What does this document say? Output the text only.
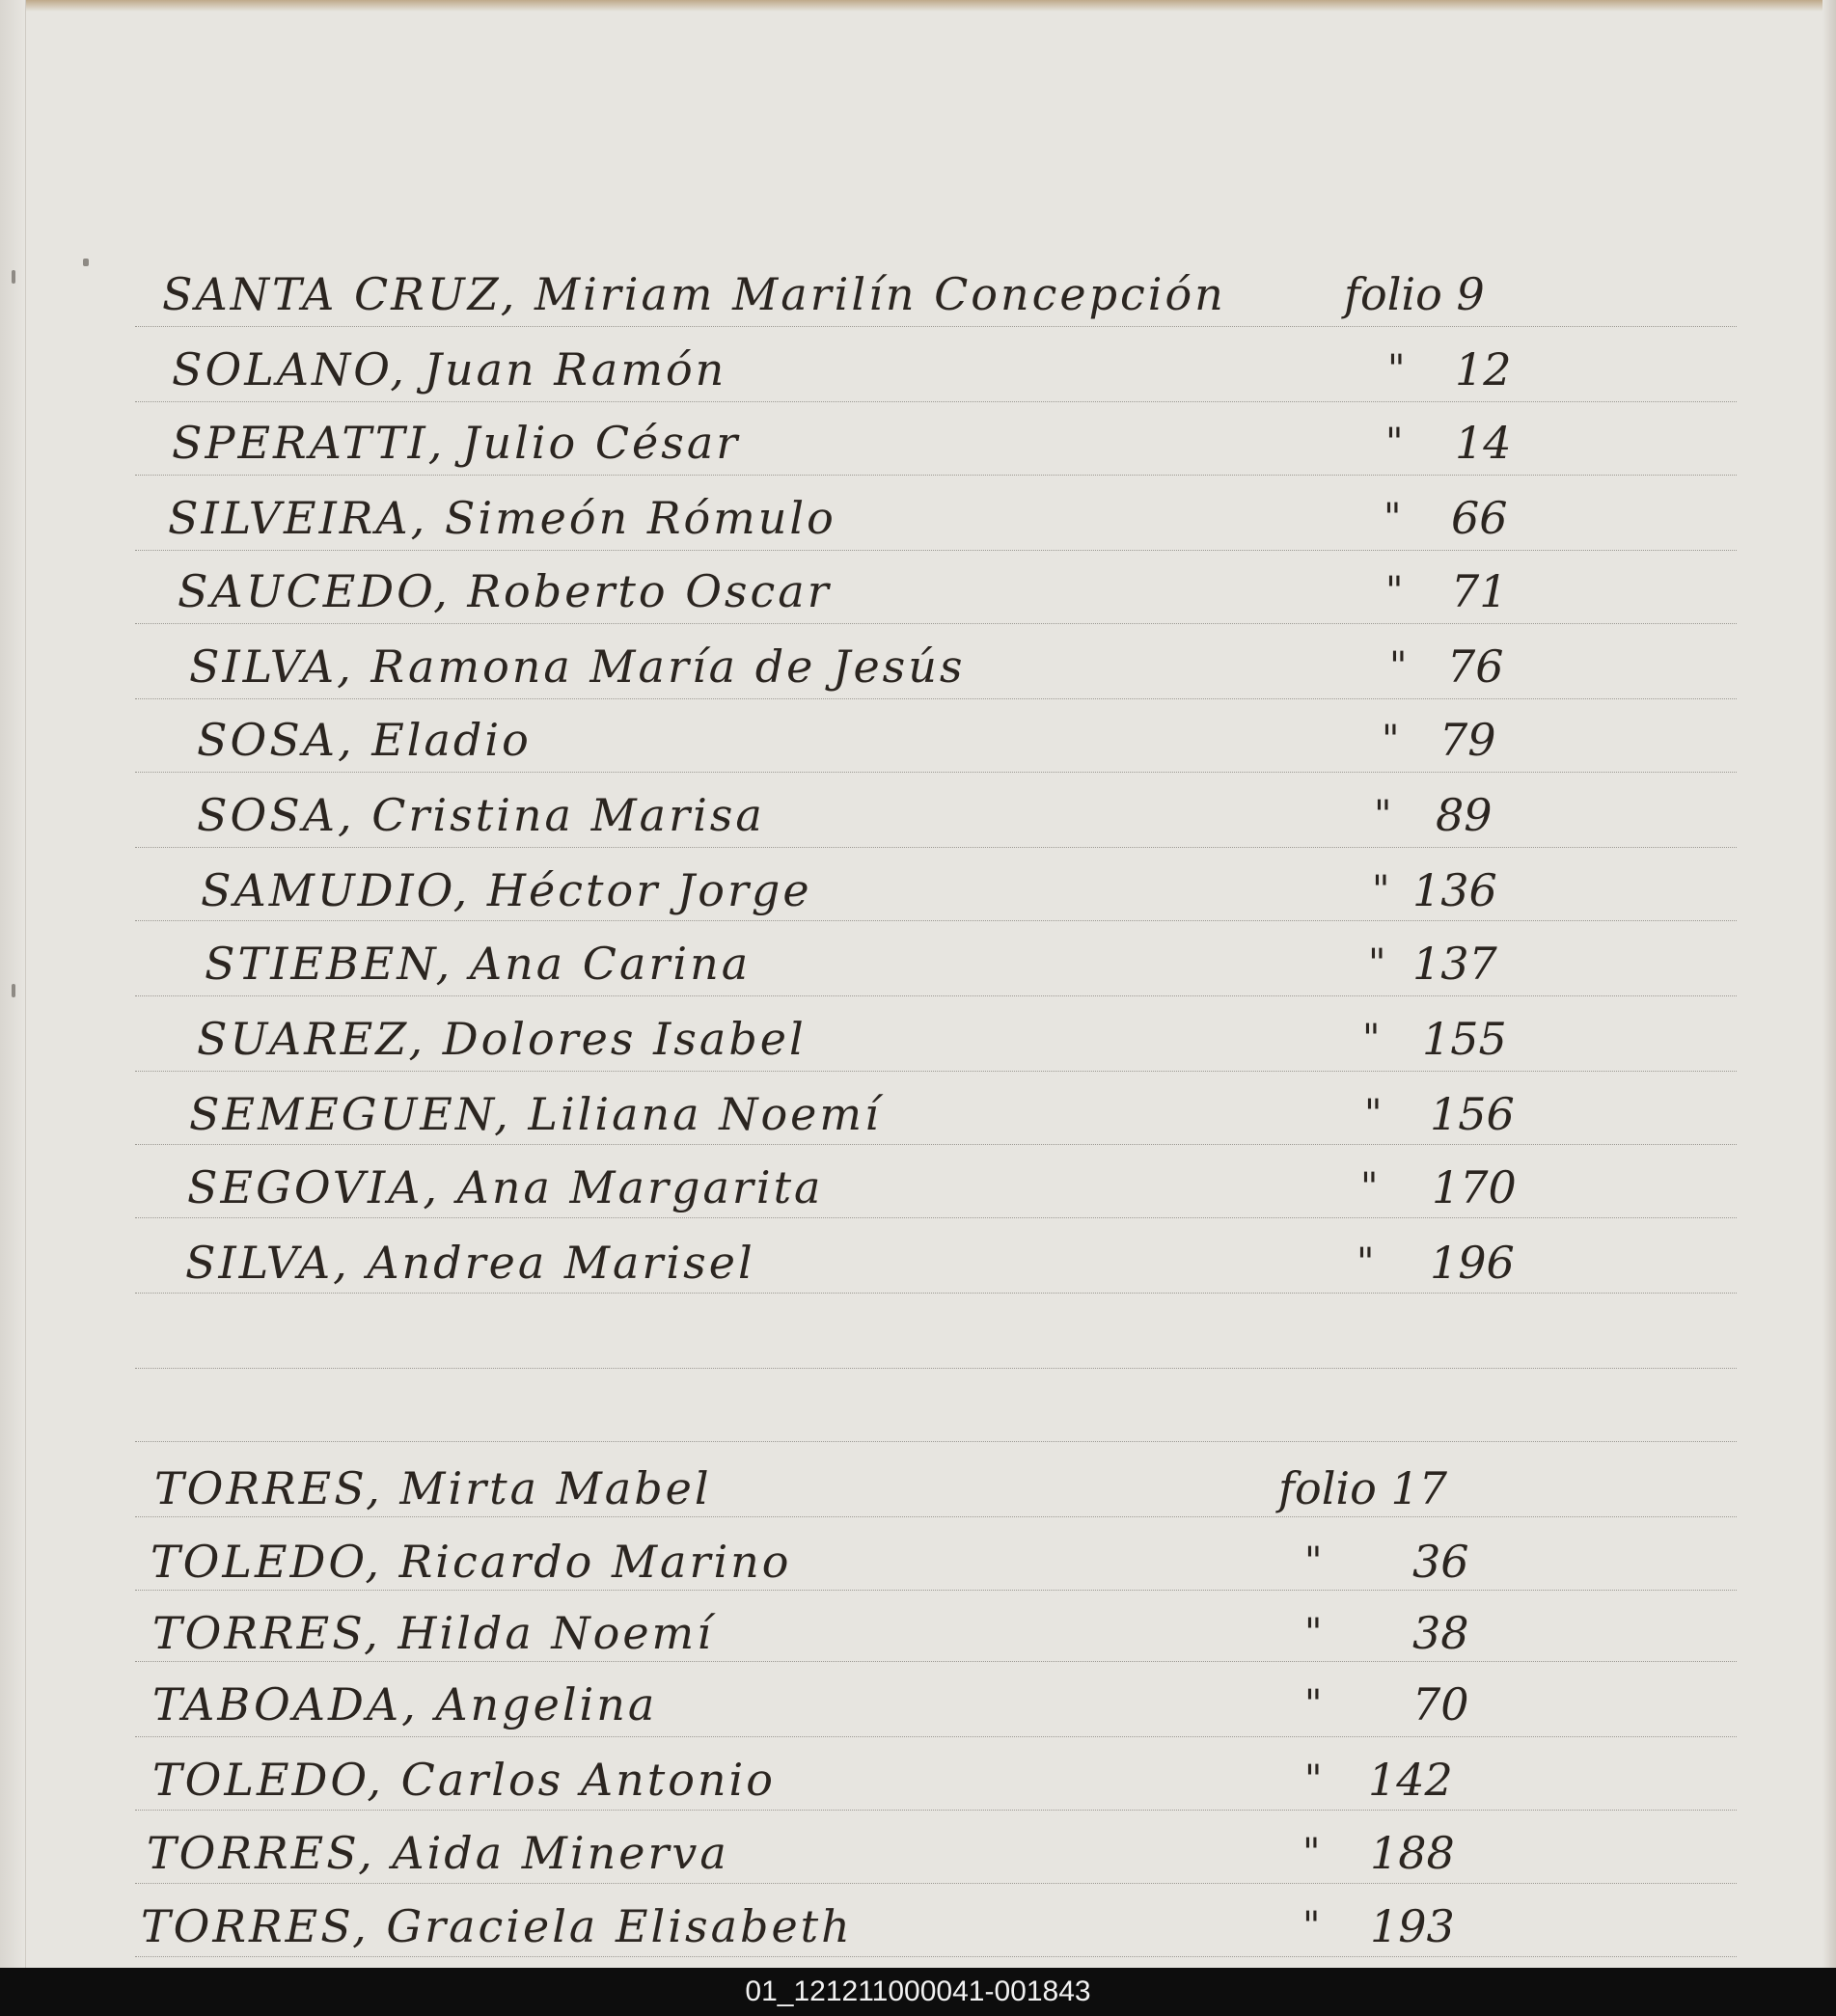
SANTA CRUZ, Miriam Marilín Concepción	folio 9
SOLANO, Juan Ramón	" 12
SPERATTI, Julio César	" 14
SILVEIRA, Simeón Rómulo	" 66
SAUCEDO, Roberto Oscar	" 71
SILVA, Ramona María de Jesús	" 76
SOSA, Eladio	" 79
SOSA, Cristina Marisa	" 89
SAMUDIO, Héctor Jorge	" 136
STIEBEN, Ana Carina	" 137
SUAREZ, Dolores Isabel	" 155
SEMEGUEN, Liliana Noemí	" 156
SEGOVIA, Ana Margarita	" 170
SILVA, Andrea Marisel	" 196
TORRES, Mirta Mabel	folio 17
TOLEDO, Ricardo Marino	" 36
TORRES, Hilda Noemí	" 38
TABOADA, Angelina	" 70
TOLEDO, Carlos Antonio	" 142
TORRES, Aida Minerva	" 188
TORRES, Graciela Elisabeth	" 193
01_121211000041-001843
